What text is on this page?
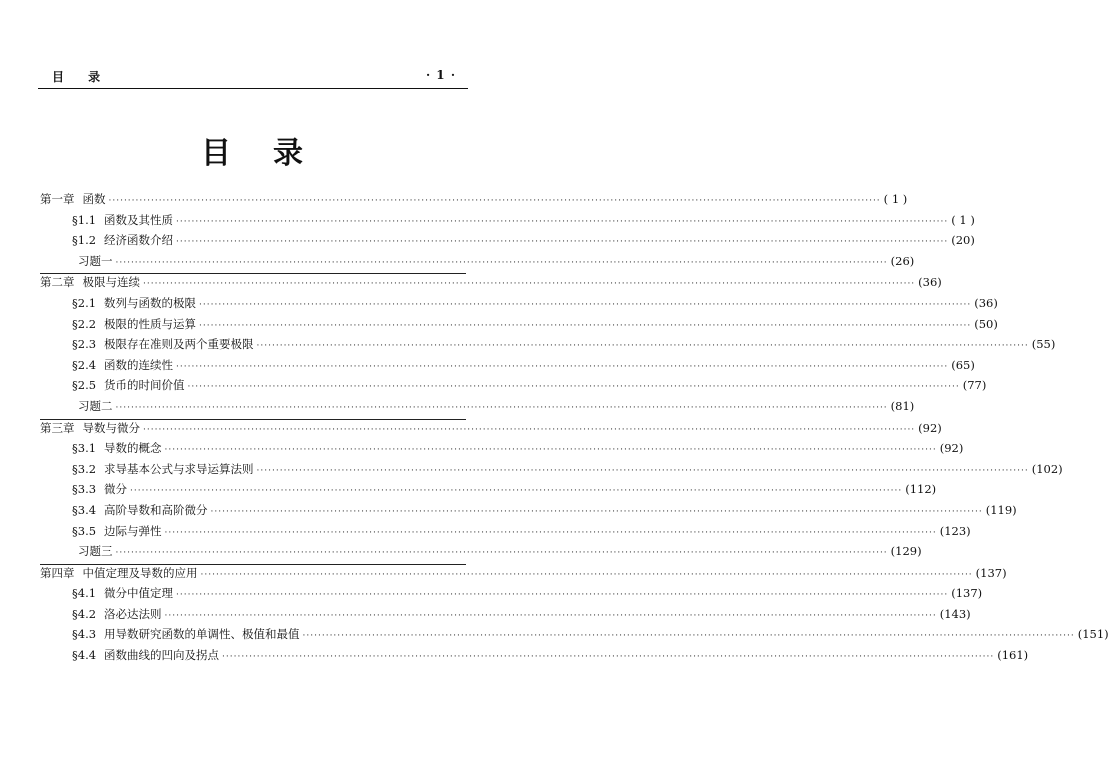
目 录	· 1 ·
目录
第一章 函数 ········································································································································································································ ( 1 )
§1.1 函数及其性质 ········································································································································································································ ( 1 )
§1.2 经济函数介绍 ········································································································································································································ (20)
习题一 ········································································································································································································ (26)
第二章 极限与连续 ········································································································································································································ (36)
§2.1 数列与函数的极限 ········································································································································································································ (36)
§2.2 极限的性质与运算 ········································································································································································································ (50)
§2.3 极限存在准则及两个重要极限 ········································································································································································································ (55)
§2.4 函数的连续性 ········································································································································································································ (65)
§2.5 货币的时间价值 ········································································································································································································ (77)
习题二 ········································································································································································································ (81)
第三章 导数与微分 ········································································································································································································ (92)
§3.1 导数的概念 ········································································································································································································ (92)
§3.2 求导基本公式与求导运算法则 ········································································································································································································ (102)
§3.3 微分 ········································································································································································································ (112)
§3.4 高阶导数和高阶微分 ········································································································································································································ (119)
§3.5 边际与弹性 ········································································································································································································ (123)
习题三 ········································································································································································································ (129)
第四章 中值定理及导数的应用 ········································································································································································································ (137)
§4.1 微分中值定理 ········································································································································································································ (137)
§4.2 洛必达法则 ········································································································································································································ (143)
§4.3 用导数研究函数的单调性、极值和最值 ········································································································································································································ (151)
§4.4 函数曲线的凹向及拐点 ········································································································································································································ (161)
